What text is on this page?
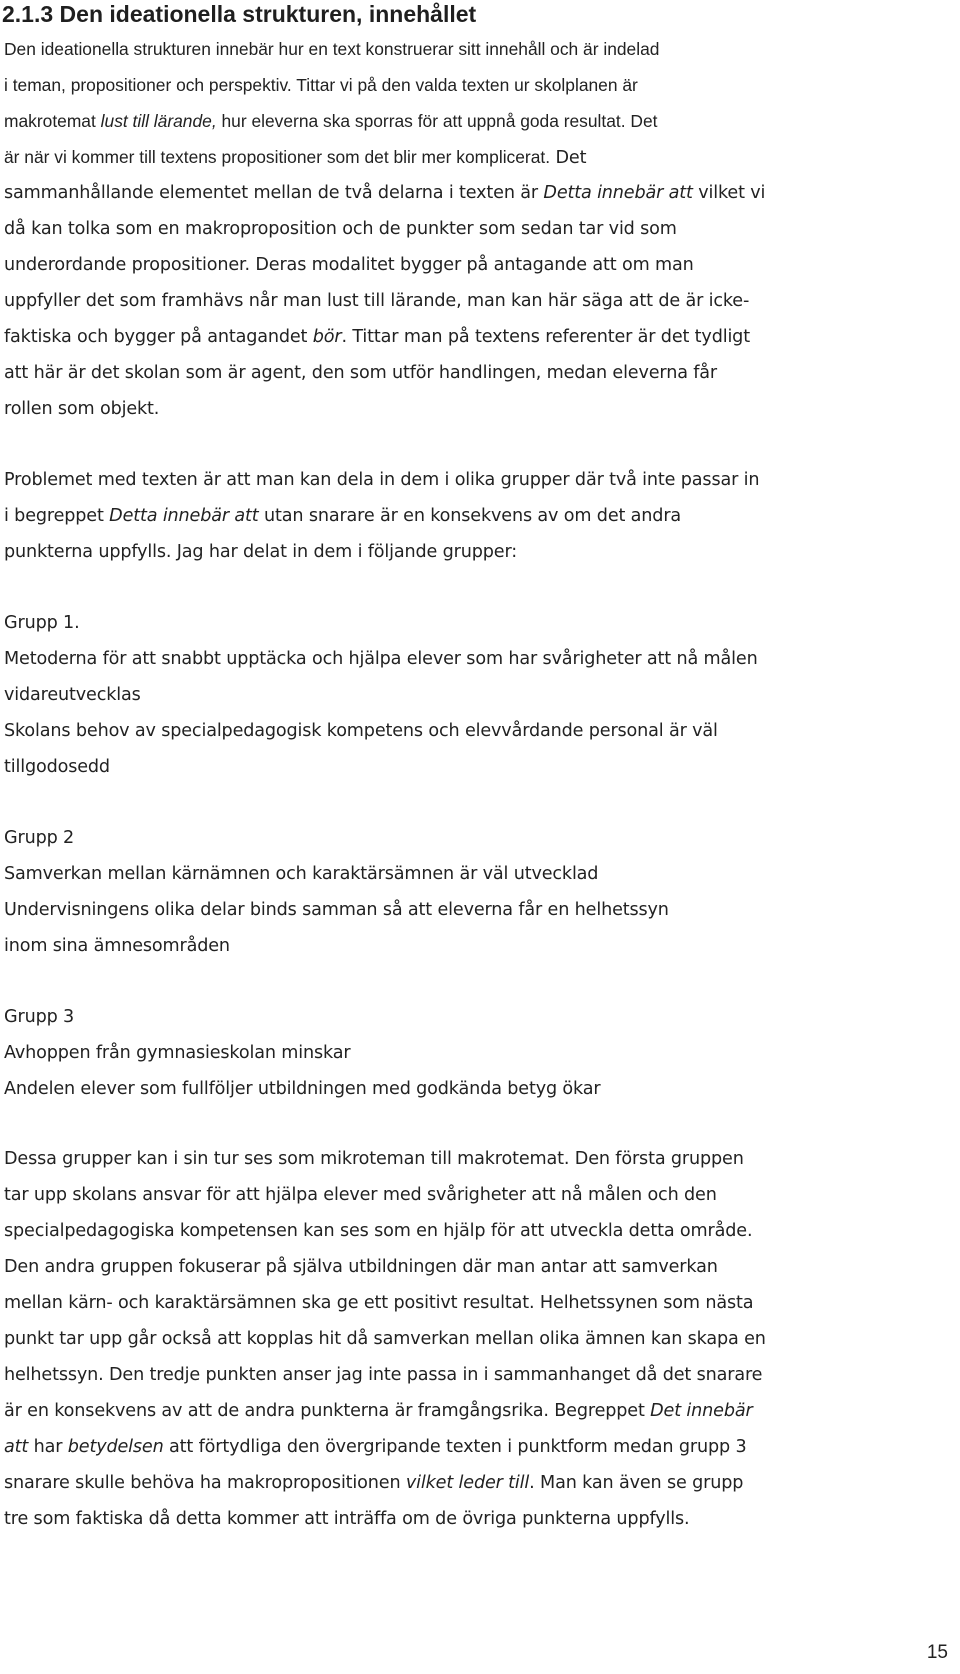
2.1.3 Den ideationella strukturen, innehållet

Den ideationella strukturen innebär hur en text konstruerar sitt innehåll och är indelad

i teman, propositioner och perspektiv. Tittar vi på den valda texten ur skolplanen är

makrotemat lust till lärande, hur eleverna ska sporras för att uppnå goda resultat. Det

är när vi kommer till textens propositioner som det blir mer komplicerat. Det

sammanhållande elementet mellan de två delarna i texten är Detta innebär att vilket vi

då kan tolka som en makroproposition och de punkter som sedan tar vid som

underordande propositioner. Deras modalitet bygger på antagande att om man

uppfyller det som framhävs når man lust till lärande, man kan här säga att de är icke-

faktiska och bygger på antagandet bör. Tittar man på textens referenter är det tydligt

att här är det skolan som är agent, den som utför handlingen, medan eleverna får

rollen som objekt.

Problemet med texten är att man kan dela in dem i olika grupper där två inte passar in

i begreppet Detta innebär att utan snarare är en konsekvens av om det andra

punkterna uppfylls. Jag har delat in dem i följande grupper:

Grupp 1.

Metoderna för att snabbt upptäcka och hjälpa elever som har svårigheter att nå målen

vidareutvecklas

Skolans behov av specialpedagogisk kompetens och elevvårdande personal är väl

tillgodosedd

Grupp 2

Samverkan mellan kärnämnen och karaktärsämnen är väl utvecklad

Undervisningens olika delar binds samman så att eleverna får en helhetssyn

inom sina ämnesområden

Grupp 3

Avhoppen från gymnasieskolan minskar

Andelen elever som fullföljer utbildningen med godkända betyg ökar

Dessa grupper kan i sin tur ses som mikroteman till makrotemat. Den första gruppen

tar upp skolans ansvar för att hjälpa elever med svårigheter att nå målen och den

specialpedagogiska kompetensen kan ses som en hjälp för att utveckla detta område.

Den andra gruppen fokuserar på själva utbildningen där man antar att samverkan

mellan kärn- och karaktärsämnen ska ge ett positivt resultat. Helhetssynen som nästa

punkt tar upp går också att kopplas hit då samverkan mellan olika ämnen kan skapa en

helhetssyn. Den tredje punkten anser jag inte passa in i sammanhanget då det snarare

är en konsekvens av att de andra punkterna är framgångsrika. Begreppet Det innebär

att har betydelsen att förtydliga den övergripande texten i punktform medan grupp 3

snarare skulle behöva ha makropropositionen vilket leder till. Man kan även se grupp

tre som faktiska då detta kommer att inträffa om de övriga punkterna uppfylls.

15
